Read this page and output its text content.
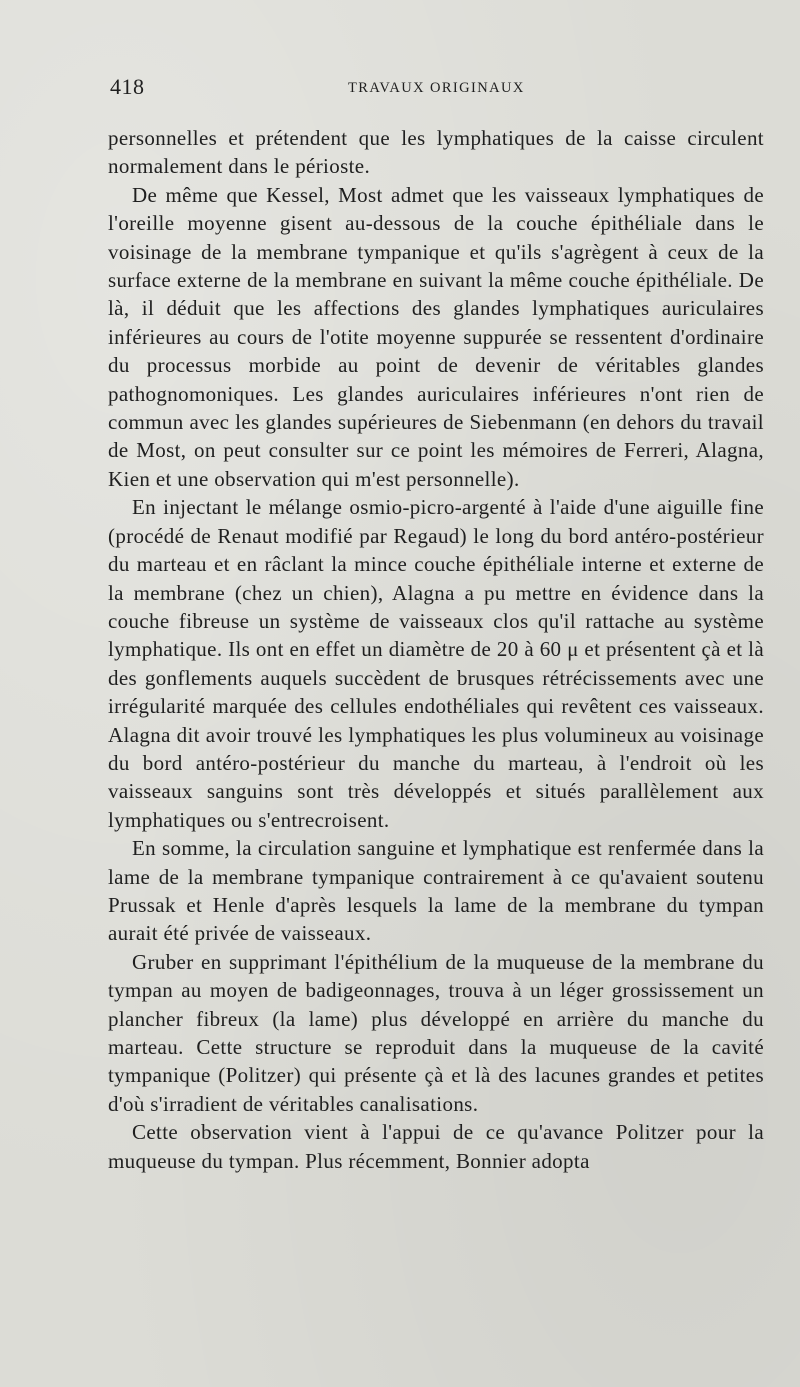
418	TRAVAUX ORIGINAUX

personnelles et prétendent que les lymphatiques de la caisse circulent normalement dans le périoste.

De même que Kessel, Most admet que les vaisseaux lymphatiques de l'oreille moyenne gisent au-dessous de la couche épithéliale dans le voisinage de la membrane tympanique et qu'ils s'agrègent à ceux de la surface externe de la membrane en suivant la même couche épithéliale. De là, il déduit que les affections des glandes lymphatiques auriculaires inférieures au cours de l'otite moyenne suppurée se ressentent d'ordinaire du processus morbide au point de devenir de véritables glandes pathognomoniques. Les glandes auriculaires inférieures n'ont rien de commun avec les glandes supérieures de Siebenmann (en dehors du travail de Most, on peut consulter sur ce point les mémoires de Ferreri, Alagna, Kien et une observation qui m'est personnelle).

En injectant le mélange osmio-picro-argenté à l'aide d'une aiguille fine (procédé de Renaut modifié par Regaud) le long du bord antéro-postérieur du marteau et en râclant la mince couche épithéliale interne et externe de la membrane (chez un chien), Alagna a pu mettre en évidence dans la couche fibreuse un système de vaisseaux clos qu'il rattache au système lymphatique. Ils ont en effet un diamètre de 20 à 60 μ et présentent çà et là des gonflements auquels succèdent de brusques rétrécissements avec une irrégularité marquée des cellules endothéliales qui revêtent ces vaisseaux. Alagna dit avoir trouvé les lymphatiques les plus volumineux au voisinage du bord antéro-postérieur du manche du marteau, à l'endroit où les vaisseaux sanguins sont très développés et situés parallèlement aux lymphatiques ou s'entrecroisent.

En somme, la circulation sanguine et lymphatique est renfermée dans la lame de la membrane tympanique contrairement à ce qu'avaient soutenu Prussak et Henle d'après lesquels la lame de la membrane du tympan aurait été privée de vaisseaux.

Gruber en supprimant l'épithélium de la muqueuse de la membrane du tympan au moyen de badigeonnages, trouva à un léger grossissement un plancher fibreux (la lame) plus développé en arrière du manche du marteau. Cette structure se reproduit dans la muqueuse de la cavité tympanique (Politzer) qui présente çà et là des lacunes grandes et petites d'où s'irradient de véritables canalisations.

Cette observation vient à l'appui de ce qu'avance Politzer pour la muqueuse du tympan. Plus récemment, Bonnier adopta
